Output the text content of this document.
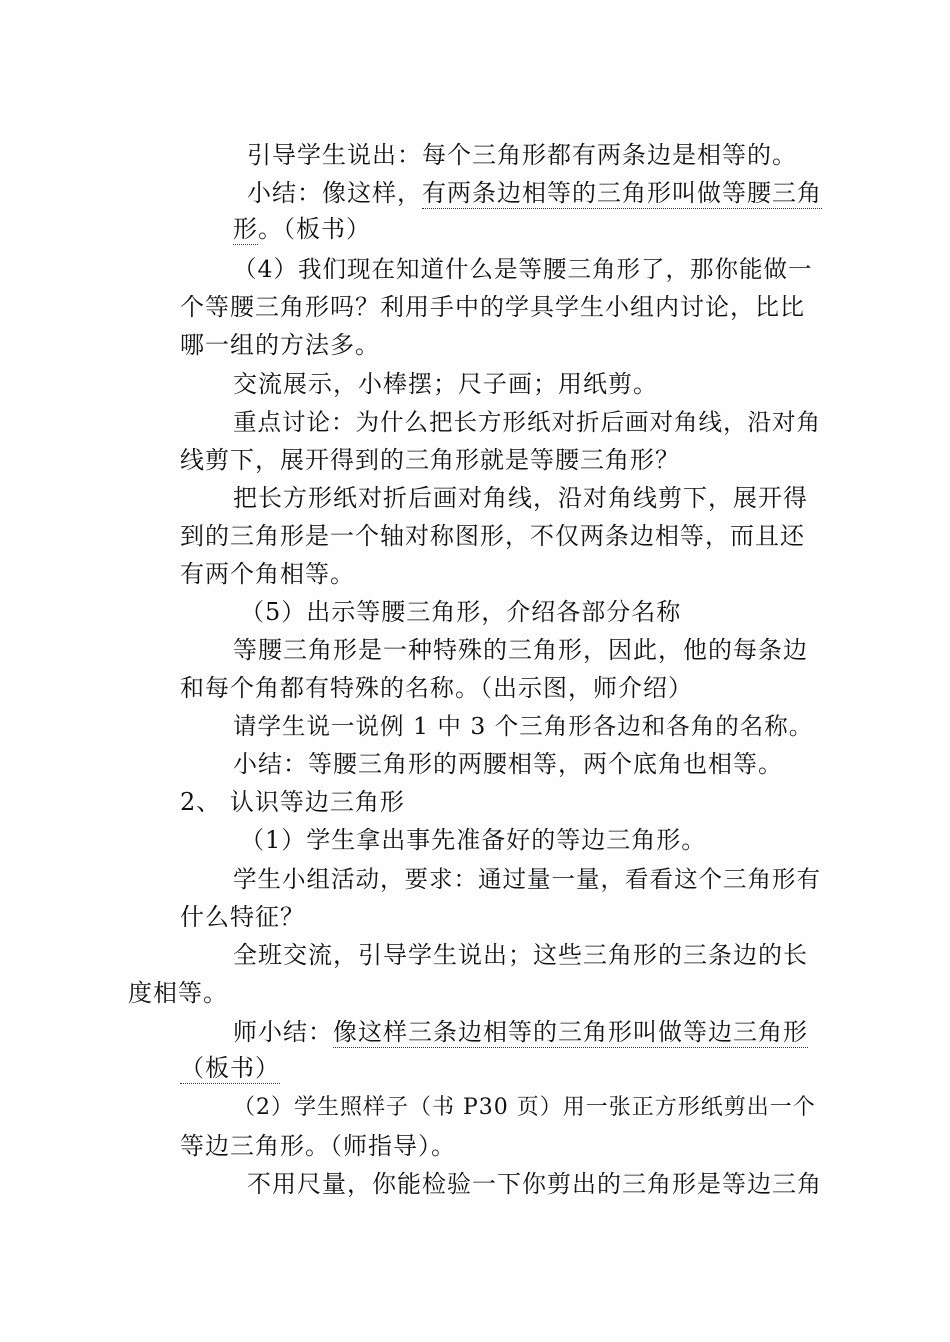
引导学生说出：每个三角形都有两条边是相等的。
小结：像这样，有两条边相等的三角形叫做等腰三角
形。（板书）
（4）我们现在知道什么是等腰三角形了，那你能做一
个等腰三角形吗？利用手中的学具学生小组内讨论，比比
哪一组的方法多。
交流展示，小棒摆；尺子画；用纸剪。
重点讨论：为什么把长方形纸对折后画对角线，沿对角
线剪下，展开得到的三角形就是等腰三角形？
把长方形纸对折后画对角线，沿对角线剪下，展开得
到的三角形是一个轴对称图形，不仅两条边相等，而且还
有两个角相等。
（5）出示等腰三角形，介绍各部分名称
等腰三角形是一种特殊的三角形，因此，他的每条边
和每个角都有特殊的名称。（出示图，师介绍）
请学生说一说例 1 中 3 个三角形各边和各角的名称。
小结：等腰三角形的两腰相等，两个底角也相等。
2、 认识等边三角形
（1）学生拿出事先准备好的等边三角形。
学生小组活动，要求：通过量一量，看看这个三角形有
什么特征？
全班交流，引导学生说出；这些三角形的三条边的长
度相等。
师小结：像这样三条边相等的三角形叫做等边三角形
（板书）
（2）学生照样子（书 P30 页）用一张正方形纸剪出一个
等边三角形。（师指导）。
不用尺量，你能检验一下你剪出的三角形是等边三角
